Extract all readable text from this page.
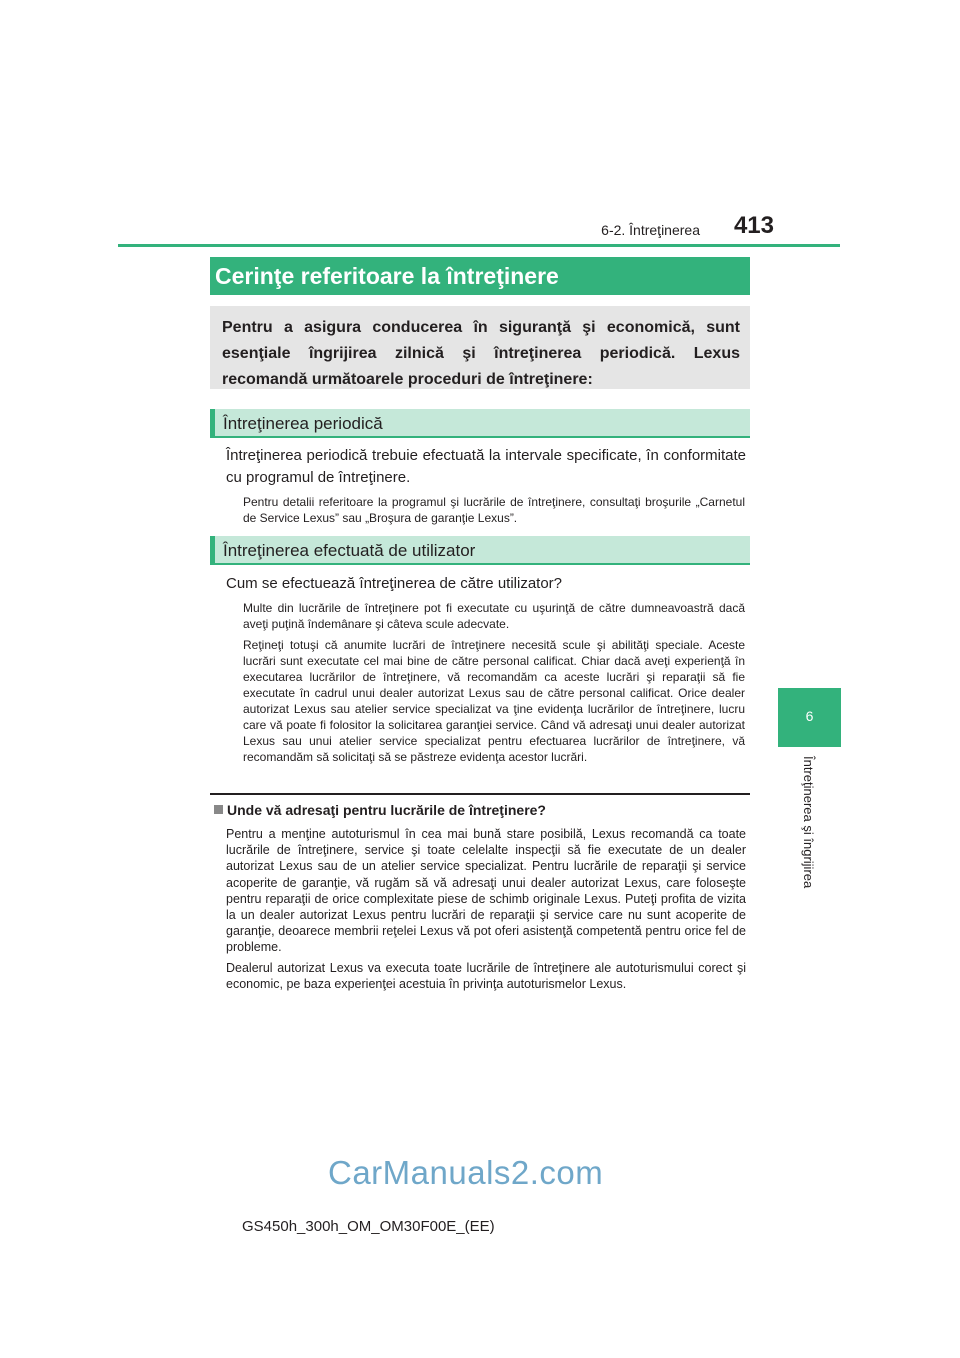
6-2. Întreţinerea	413
6
Întreţinerea şi îngrijirea
Cerinţe referitoare la întreţinere
Pentru a asigura conducerea în siguranţă şi economică, sunt esenţiale îngrijirea zilnică şi întreţinerea periodică. Lexus recomandă următoarele proceduri de întreţinere:
Întreţinerea periodică
Întreţinerea periodică trebuie efectuată la intervale specificate, în conformitate cu programul de întreţinere.
Pentru detalii referitoare la programul şi lucrările de întreţinere, consultaţi broşurile „Carnetul de Service Lexus” sau „Broşura de garanţie Lexus”.
Întreţinerea efectuată de utilizator
Cum se efectuează întreţinerea de către utilizator?
Multe din lucrările de întreţinere pot fi executate cu uşurinţă de către dumneavoastră dacă aveţi puţină îndemânare şi câteva scule adecvate.
Reţineţi totuşi că anumite lucrări de întreţinere necesită scule şi abilităţi speciale. Aceste lucrări sunt executate cel mai bine de către personal calificat. Chiar dacă aveţi experienţă în executarea lucrărilor de întreţinere, vă recomandăm ca aceste lucrări şi reparaţii să fie executate în cadrul unui dealer autorizat Lexus sau de către personal calificat. Orice dealer autorizat Lexus sau atelier service specializat va ţine evidenţa lucrărilor de întreţinere, lucru care vă poate fi folositor la solicitarea garanţiei service. Când vă adresaţi unui dealer autorizat Lexus sau unui atelier service specializat pentru efectuarea lucrărilor de întreţinere, vă recomandăm să solicitaţi să se păstreze evidenţa acestor lucrări.
Unde vă adresaţi pentru lucrările de întreţinere?
Pentru a menţine autoturismul în cea mai bună stare posibilă, Lexus recomandă ca toate lucrările de întreţinere, service şi toate celelalte inspecţii să fie executate de un dealer autorizat Lexus sau de un atelier service specializat. Pentru lucrările de reparaţii şi service acoperite de garanţie, vă rugăm să vă adresaţi unui dealer autorizat Lexus, care foloseşte pentru reparaţii de orice complexitate piese de schimb originale Lexus. Puteţi profita de vizita la un dealer autorizat Lexus pentru lucrări de reparaţii şi service care nu sunt acoperite de garanţie, deoarece membrii reţelei Lexus vă pot oferi asistenţă competentă pentru orice fel de probleme.
Dealerul autorizat Lexus va executa toate lucrările de întreţinere ale autoturismului corect şi economic, pe baza experienţei acestuia în privinţa autoturismelor Lexus.
CarManuals2.com
GS450h_300h_OM_OM30F00E_(EE)
